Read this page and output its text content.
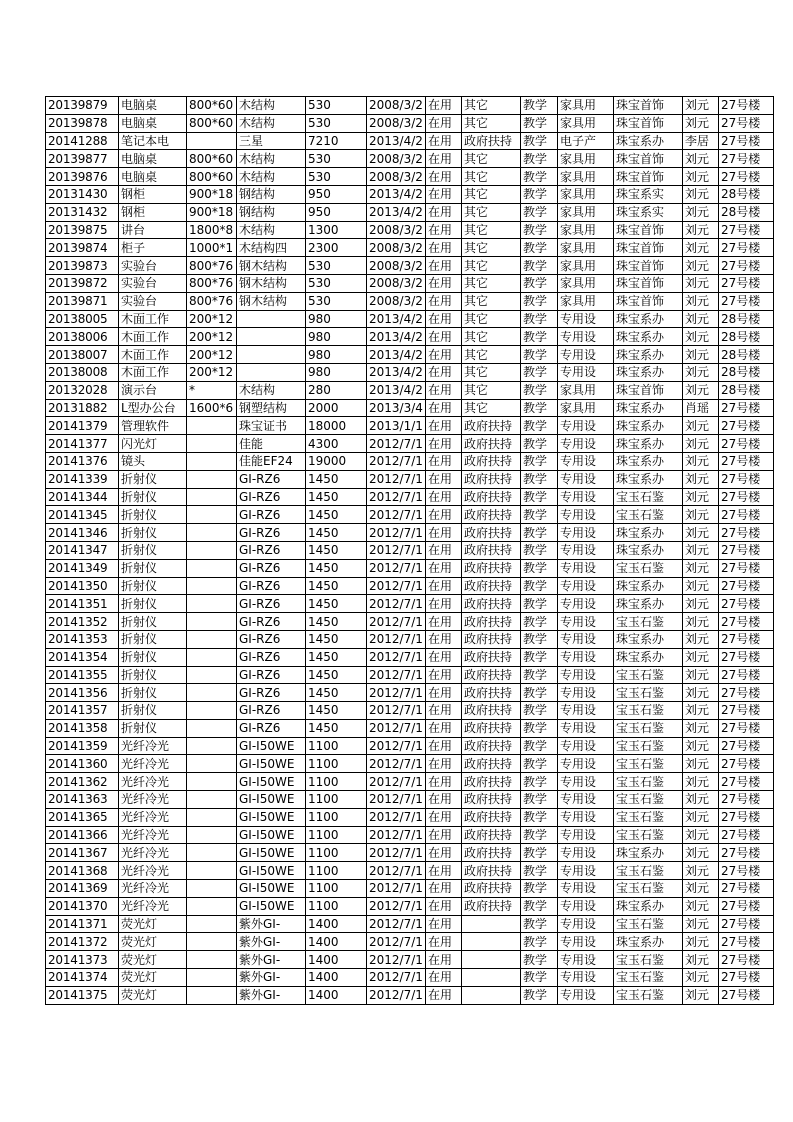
20139879	电脑桌	800*60	木结构	530	2008/3/2	在用	其它	教学	家具用	珠宝首饰	刘元	27号楼
20139878	电脑桌	800*60	木结构	530	2008/3/2	在用	其它	教学	家具用	珠宝首饰	刘元	27号楼
20141288	笔记本电		三星	7210	2013/4/2	在用	政府扶持	教学	电子产	珠宝系办	李居	27号楼
20139877	电脑桌	800*60	木结构	530	2008/3/2	在用	其它	教学	家具用	珠宝首饰	刘元	27号楼
20139876	电脑桌	800*60	木结构	530	2008/3/2	在用	其它	教学	家具用	珠宝首饰	刘元	27号楼
20131430	钢柜	900*18	钢结构	950	2013/4/2	在用	其它	教学	家具用	珠宝系实	刘元	28号楼
20131432	钢柜	900*18	钢结构	950	2013/4/2	在用	其它	教学	家具用	珠宝系实	刘元	28号楼
20139875	讲台	1800*8	木结构	1300	2008/3/2	在用	其它	教学	家具用	珠宝首饰	刘元	27号楼
20139874	柜子	1000*1	木结构四	2300	2008/3/2	在用	其它	教学	家具用	珠宝首饰	刘元	27号楼
20139873	实验台	800*76	钢木结构	530	2008/3/2	在用	其它	教学	家具用	珠宝首饰	刘元	27号楼
20139872	实验台	800*76	钢木结构	530	2008/3/2	在用	其它	教学	家具用	珠宝首饰	刘元	27号楼
20139871	实验台	800*76	钢木结构	530	2008/3/2	在用	其它	教学	家具用	珠宝首饰	刘元	27号楼
20138005	木面工作	200*12		980	2013/4/2	在用	其它	教学	专用设	珠宝系办	刘元	28号楼
20138006	木面工作	200*12		980	2013/4/2	在用	其它	教学	专用设	珠宝系办	刘元	28号楼
20138007	木面工作	200*12		980	2013/4/2	在用	其它	教学	专用设	珠宝系办	刘元	28号楼
20138008	木面工作	200*12		980	2013/4/2	在用	其它	教学	专用设	珠宝系办	刘元	28号楼
20132028	演示台	*	木结构	280	2013/4/2	在用	其它	教学	家具用	珠宝首饰	刘元	28号楼
20131882	L型办公台	1600*6	钢塑结构	2000	2013/3/4	在用	其它	教学	家具用	珠宝系办	肖瑶	27号楼
20141379	管理软件		珠宝证书	18000	2013/1/1	在用	政府扶持	教学	专用设	珠宝系办	刘元	27号楼
20141377	闪光灯		佳能	4300	2012/7/1	在用	政府扶持	教学	专用设	珠宝系办	刘元	27号楼
20141376	镜头		佳能EF24	19000	2012/7/1	在用	政府扶持	教学	专用设	珠宝系办	刘元	27号楼
20141339	折射仪		GI-RZ6	1450	2012/7/1	在用	政府扶持	教学	专用设	珠宝系办	刘元	27号楼
20141344	折射仪		GI-RZ6	1450	2012/7/1	在用	政府扶持	教学	专用设	宝玉石鉴	刘元	27号楼
20141345	折射仪		GI-RZ6	1450	2012/7/1	在用	政府扶持	教学	专用设	宝玉石鉴	刘元	27号楼
20141346	折射仪		GI-RZ6	1450	2012/7/1	在用	政府扶持	教学	专用设	珠宝系办	刘元	27号楼
20141347	折射仪		GI-RZ6	1450	2012/7/1	在用	政府扶持	教学	专用设	珠宝系办	刘元	27号楼
20141349	折射仪		GI-RZ6	1450	2012/7/1	在用	政府扶持	教学	专用设	宝玉石鉴	刘元	27号楼
20141350	折射仪		GI-RZ6	1450	2012/7/1	在用	政府扶持	教学	专用设	珠宝系办	刘元	27号楼
20141351	折射仪		GI-RZ6	1450	2012/7/1	在用	政府扶持	教学	专用设	珠宝系办	刘元	27号楼
20141352	折射仪		GI-RZ6	1450	2012/7/1	在用	政府扶持	教学	专用设	宝玉石鉴	刘元	27号楼
20141353	折射仪		GI-RZ6	1450	2012/7/1	在用	政府扶持	教学	专用设	珠宝系办	刘元	27号楼
20141354	折射仪		GI-RZ6	1450	2012/7/1	在用	政府扶持	教学	专用设	珠宝系办	刘元	27号楼
20141355	折射仪		GI-RZ6	1450	2012/7/1	在用	政府扶持	教学	专用设	宝玉石鉴	刘元	27号楼
20141356	折射仪		GI-RZ6	1450	2012/7/1	在用	政府扶持	教学	专用设	宝玉石鉴	刘元	27号楼
20141357	折射仪		GI-RZ6	1450	2012/7/1	在用	政府扶持	教学	专用设	宝玉石鉴	刘元	27号楼
20141358	折射仪		GI-RZ6	1450	2012/7/1	在用	政府扶持	教学	专用设	宝玉石鉴	刘元	27号楼
20141359	光纤冷光		GI-I50WE	1100	2012/7/1	在用	政府扶持	教学	专用设	宝玉石鉴	刘元	27号楼
20141360	光纤冷光		GI-I50WE	1100	2012/7/1	在用	政府扶持	教学	专用设	宝玉石鉴	刘元	27号楼
20141362	光纤冷光		GI-I50WE	1100	2012/7/1	在用	政府扶持	教学	专用设	宝玉石鉴	刘元	27号楼
20141363	光纤冷光		GI-I50WE	1100	2012/7/1	在用	政府扶持	教学	专用设	宝玉石鉴	刘元	27号楼
20141365	光纤冷光		GI-I50WE	1100	2012/7/1	在用	政府扶持	教学	专用设	宝玉石鉴	刘元	27号楼
20141366	光纤冷光		GI-I50WE	1100	2012/7/1	在用	政府扶持	教学	专用设	宝玉石鉴	刘元	27号楼
20141367	光纤冷光		GI-I50WE	1100	2012/7/1	在用	政府扶持	教学	专用设	珠宝系办	刘元	27号楼
20141368	光纤冷光		GI-I50WE	1100	2012/7/1	在用	政府扶持	教学	专用设	宝玉石鉴	刘元	27号楼
20141369	光纤冷光		GI-I50WE	1100	2012/7/1	在用	政府扶持	教学	专用设	宝玉石鉴	刘元	27号楼
20141370	光纤冷光		GI-I50WE	1100	2012/7/1	在用	政府扶持	教学	专用设	珠宝系办	刘元	27号楼
20141371	荧光灯		紫外GI-	1400	2012/7/1	在用		教学	专用设	宝玉石鉴	刘元	27号楼
20141372	荧光灯		紫外GI-	1400	2012/7/1	在用		教学	专用设	珠宝系办	刘元	27号楼
20141373	荧光灯		紫外GI-	1400	2012/7/1	在用		教学	专用设	宝玉石鉴	刘元	27号楼
20141374	荧光灯		紫外GI-	1400	2012/7/1	在用		教学	专用设	宝玉石鉴	刘元	27号楼
20141375	荧光灯		紫外GI-	1400	2012/7/1	在用		教学	专用设	宝玉石鉴	刘元	27号楼
